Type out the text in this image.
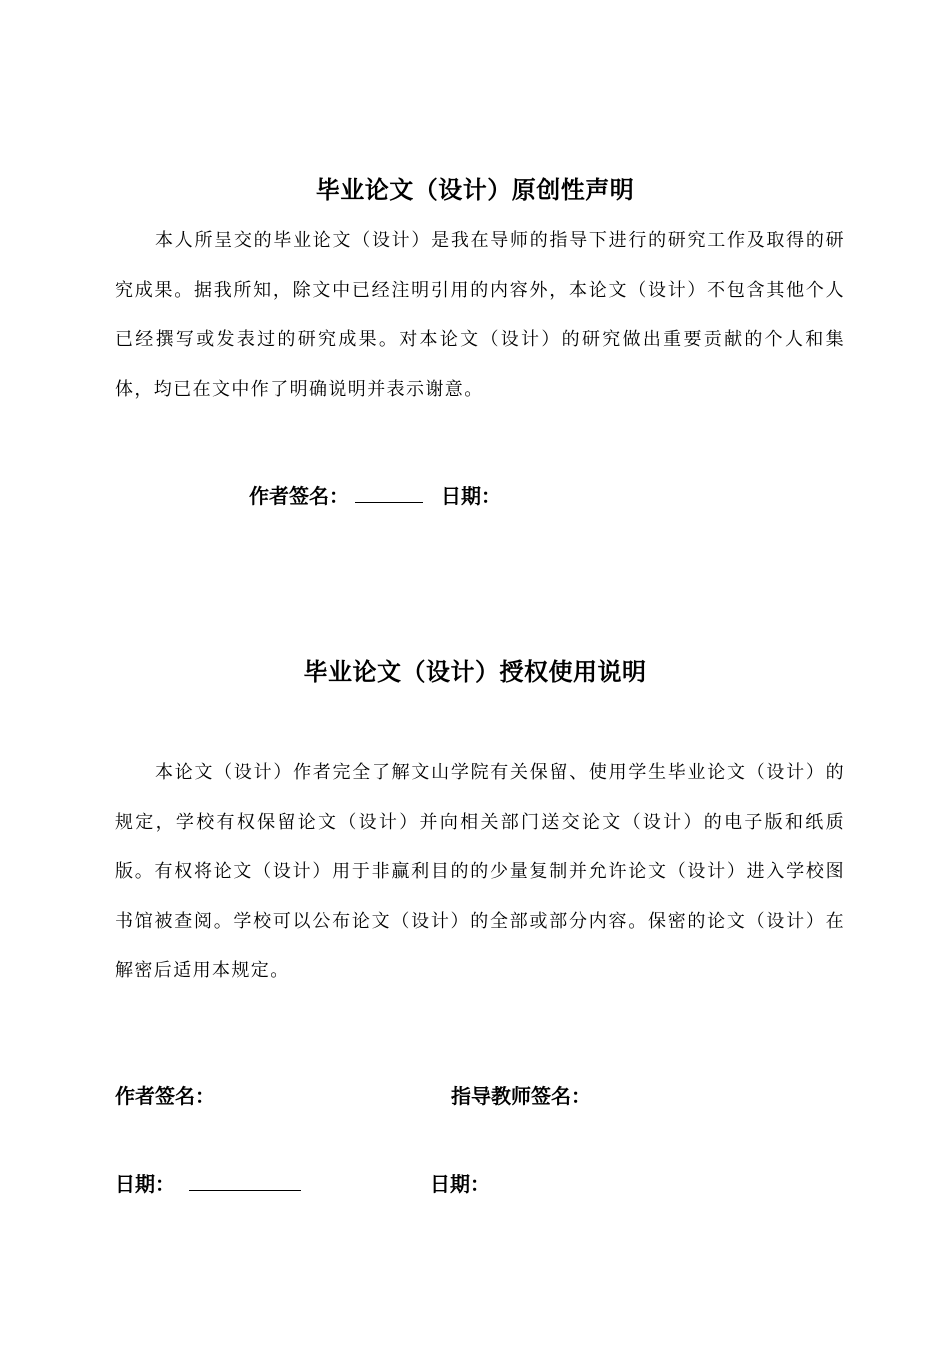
毕业论文（设计）原创性声明
本人所呈交的毕业论文（设计）是我在导师的指导下进行的研究工作及取得的研究成果。据我所知，除文中已经注明引用的内容外，本论文（设计）不包含其他个人已经撰写或发表过的研究成果。对本论文（设计）的研究做出重要贡献的个人和集体，均已在文中作了明确说明并表示谢意。
作者签名：	日期：
毕业论文（设计）授权使用说明
本论文（设计）作者完全了解文山学院有关保留、使用学生毕业论文（设计）的规定，学校有权保留论文（设计）并向相关部门送交论文（设计）的电子版和纸质版。有权将论文（设计）用于非赢利目的的少量复制并允许论文（设计）进入学校图书馆被查阅。学校可以公布论文（设计）的全部或部分内容。保密的论文（设计）在解密后适用本规定。
作者签名：	指导教师签名：
日期：	日期：
